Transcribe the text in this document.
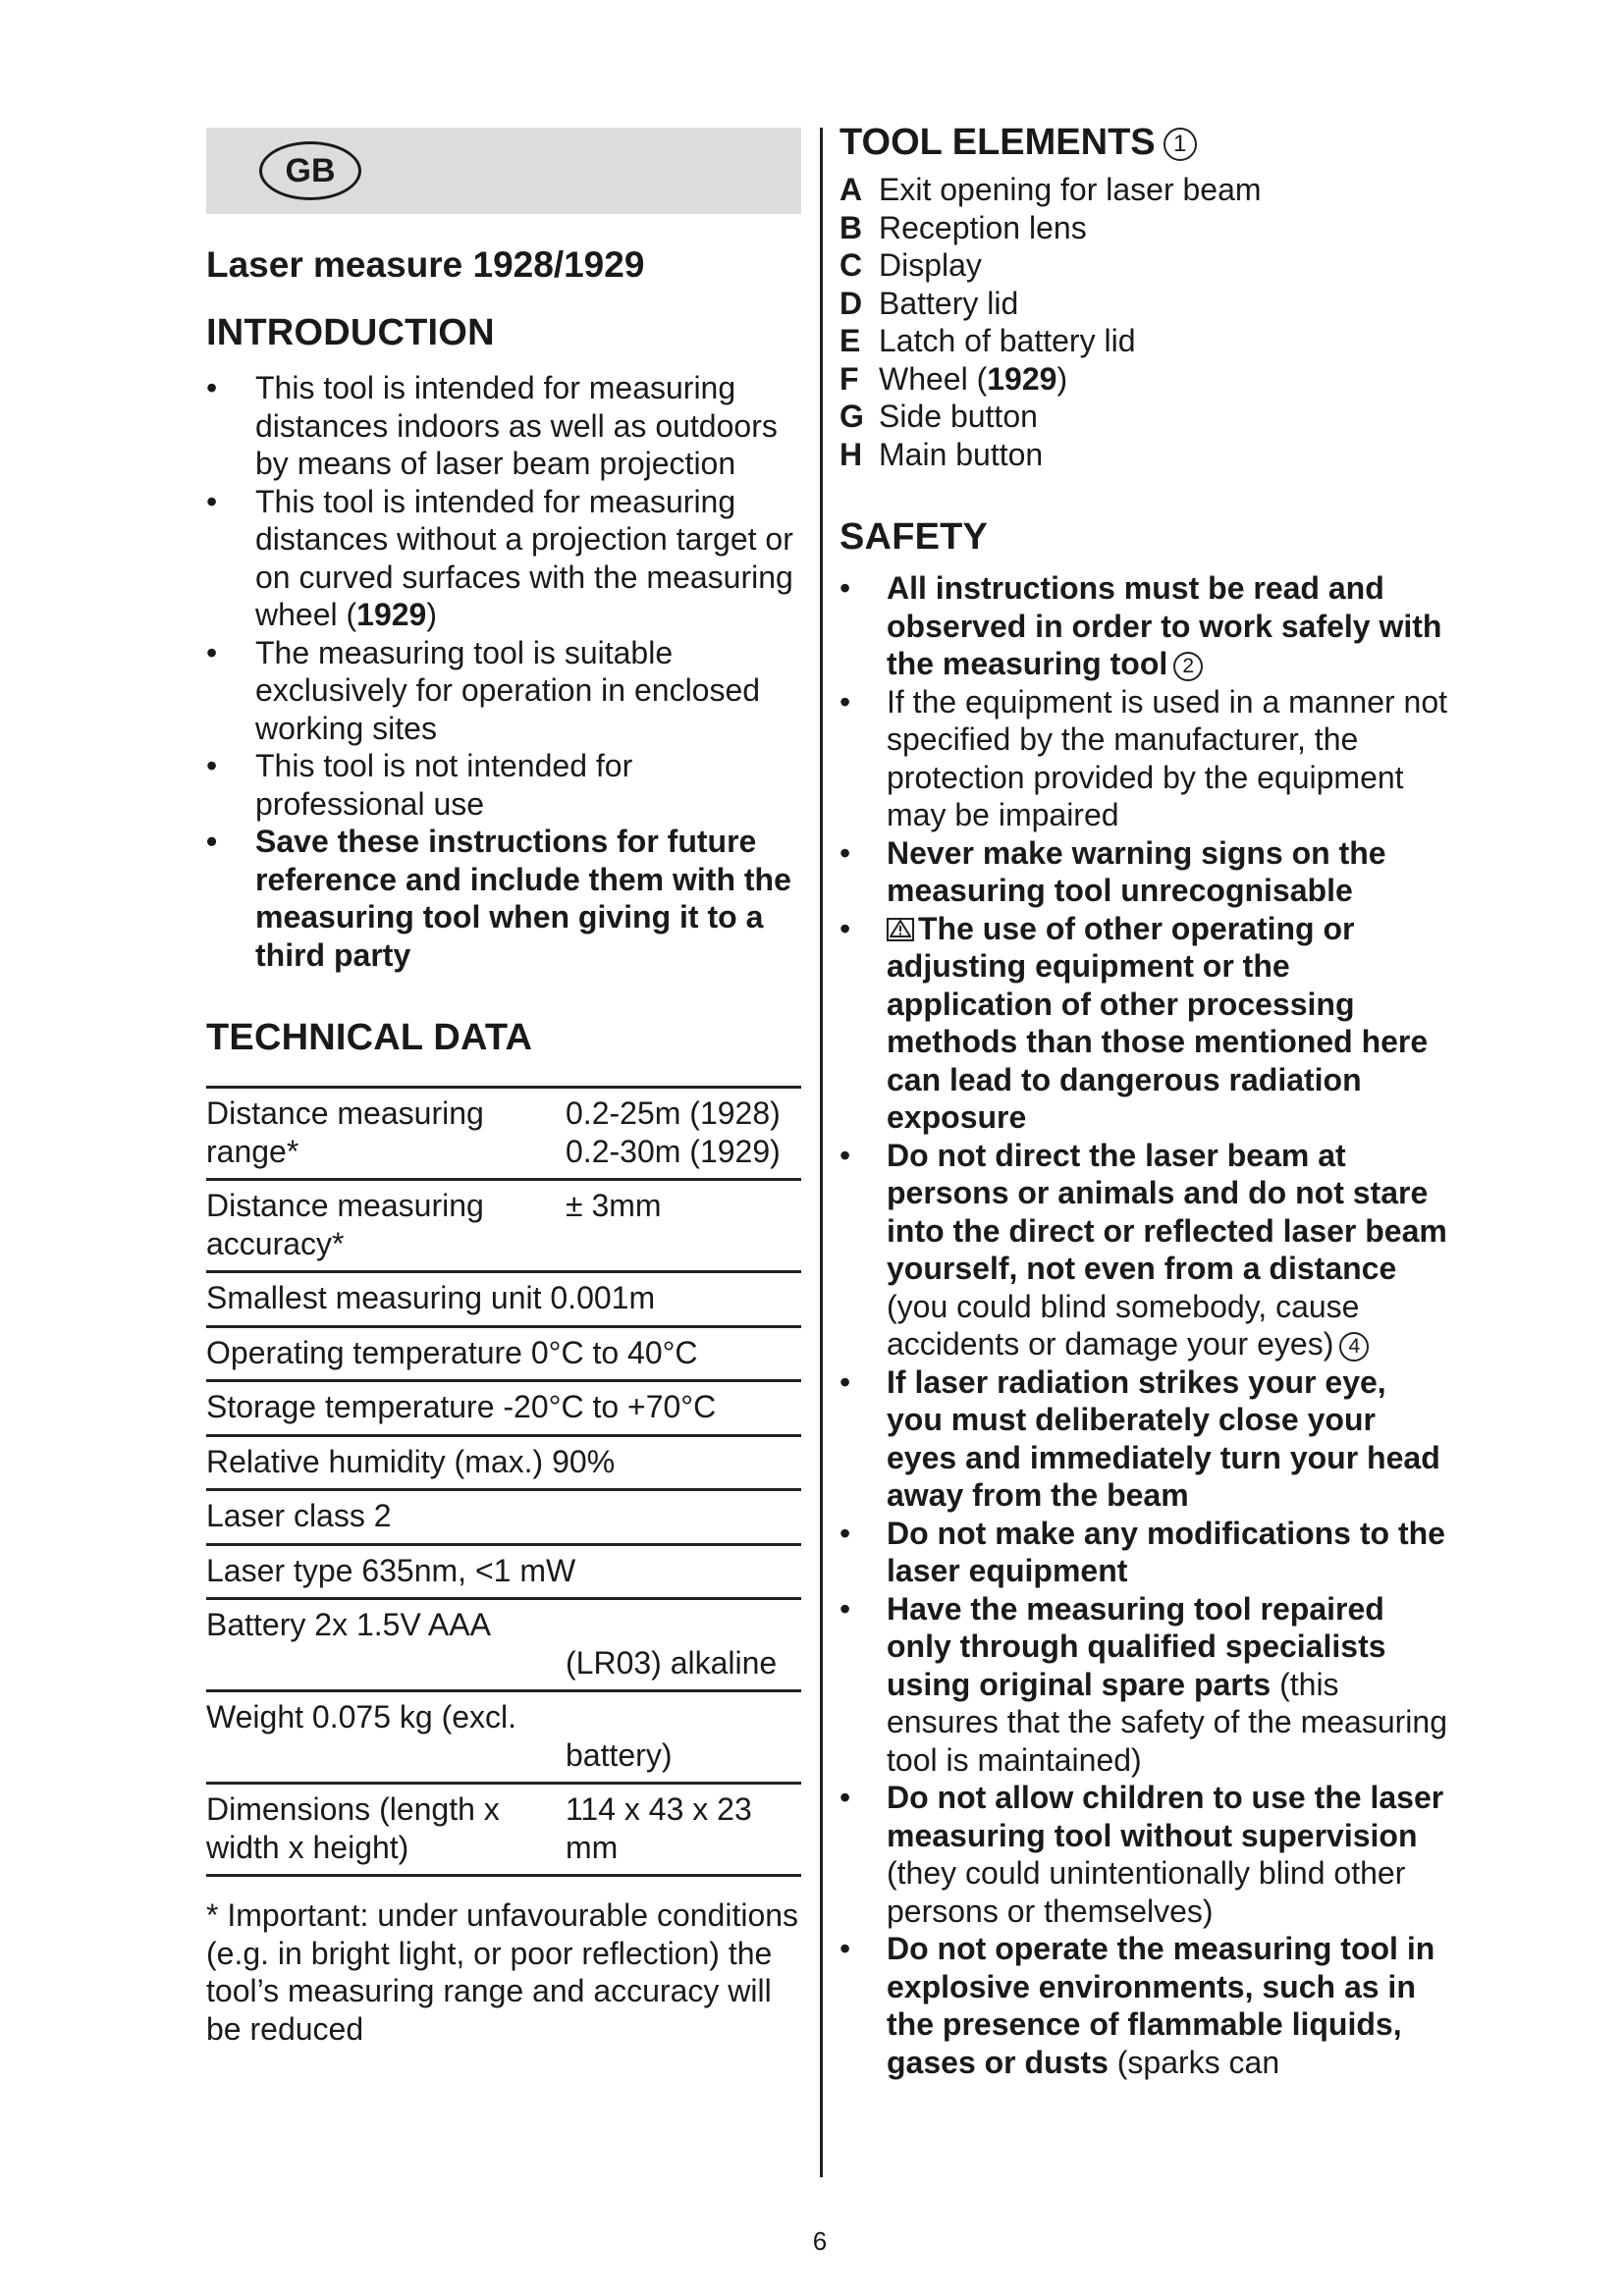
GB
Laser measure 1928/1929
INTRODUCTION
• This tool is intended for measuring distances indoors as well as outdoors by means of laser beam projection
• This tool is intended for measuring distances without a projection target or on curved surfaces with the measuring wheel (1929)
• The measuring tool is suitable exclusively for operation in enclosed working sites
• This tool is not intended for professional use
• Save these instructions for future reference and include them with the measuring tool when giving it to a third party
TECHNICAL DATA
Distance measuring range*0.2-25m (1928)
0.2-30m (1929)
Distance measuring accuracy*± 3mm
Smallest measuring unit 0.001m
Operating temperature 0°C to 40°C
Storage temperature -20°C to +70°C
Relative humidity (max.) 90%
Laser class 2
Laser type 635nm, <1 mW
Battery 2x 1.5V AAA
(LR03) alkaline
Weight 0.075 kg (excl.
battery)
Dimensions (length x width x height)114 x 43 x 23 mm
* Important: under unfavourable conditions (e.g. in bright light, or poor reflection) the tool’s measuring range and accuracy will be reduced
TOOL ELEMENTS 1
A Exit opening for laser beam
B Reception lens
C Display
D Battery lid
E Latch of battery lid
F Wheel (1929)
G Side button
H Main button
SAFETY
• All instructions must be read and observed in order to work safely with the measuring tool 2
• If the equipment is used in a manner not specified by the manufacturer, the protection provided by the equipment may be impaired
• Never make warning signs on the measuring tool unrecognisable
• The use of other operating or adjusting equipment or the application of other processing methods than those mentioned here can lead to dangerous radiation exposure
• Do not direct the laser beam at persons or animals and do not stare into the direct or reflected laser beam yourself, not even from a distance (you could blind somebody, cause accidents or damage your eyes) 4
• If laser radiation strikes your eye, you must deliberately close your eyes and immediately turn your head away from the beam
• Do not make any modifications to the laser equipment
• Have the measuring tool repaired only through qualified specialists using original spare parts (this ensures that the safety of the measuring tool is maintained)
• Do not allow children to use the laser measuring tool without supervision (they could unintentionally blind other persons or themselves)
• Do not operate the measuring tool in explosive environments, such as in the presence of flammable liquids, gases or dusts (sparks can
6
